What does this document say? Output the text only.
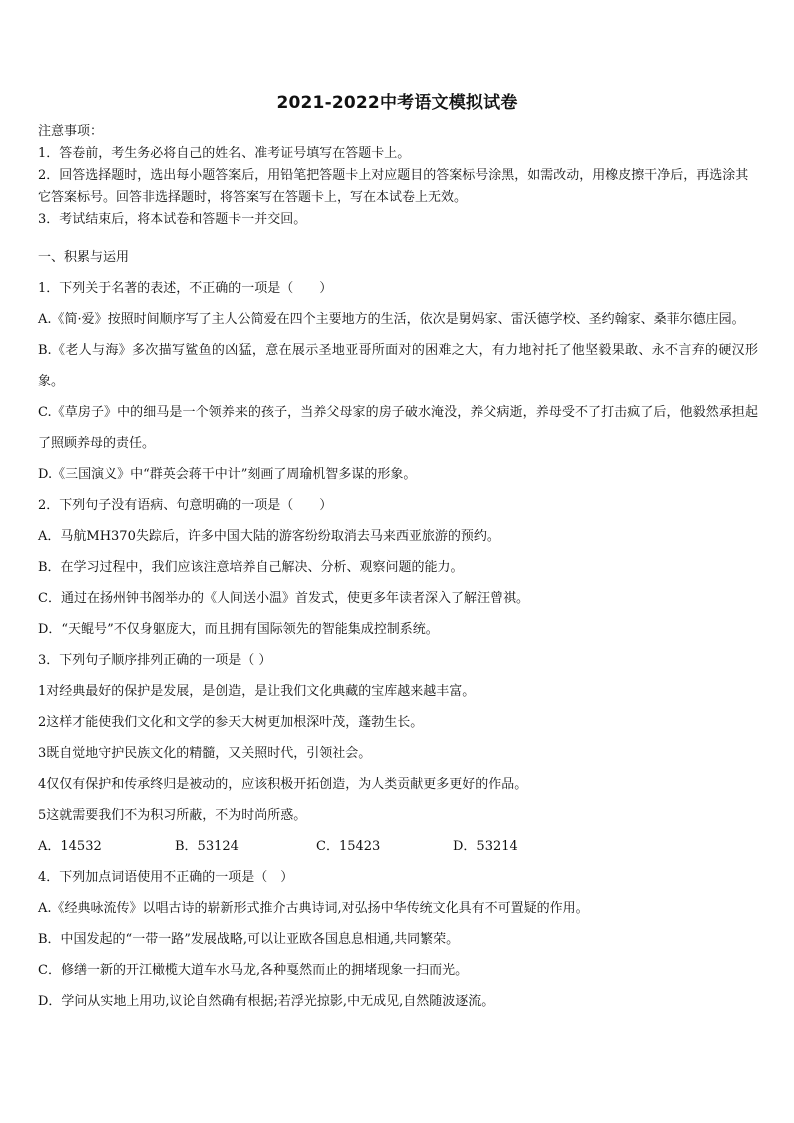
2021-2022中考语文模拟试卷
注意事项：
1．答卷前，考生务必将自己的姓名、准考证号填写在答题卡上。
2．回答选择题时，选出每小题答案后，用铅笔把答题卡上对应题目的答案标号涂黑，如需改动，用橡皮擦干净后，再选涂其它答案标号。回答非选择题时，将答案写在答题卡上，写在本试卷上无效。
3．考试结束后，将本试卷和答题卡一并交回。
一、积累与运用
1．下列关于名著的表述，不正确的一项是（　　）
A.《简·爱》按照时间顺序写了主人公简爱在四个主要地方的生活，依次是舅妈家、雷沃德学校、圣约翰家、桑菲尔德庄园。
B.《老人与海》多次描写鲨鱼的凶猛，意在展示圣地亚哥所面对的困难之大，有力地衬托了他坚毅果敢、永不言弃的硬汉形象。
C.《草房子》中的细马是一个领养来的孩子，当养父母家的房子破水淹没，养父病逝，养母受不了打击疯了后，他毅然承担起了照顾养母的责任。
D.《三国演义》中“群英会蒋干中计”刻画了周瑜机智多谋的形象。
2．下列句子没有语病、句意明确的一项是（　　）
A．马航MH370失踪后，许多中国大陆的游客纷纷取消去马来西亚旅游的预约。
B．在学习过程中，我们应该注意培养自己解决、分析、观察问题的能力。
C．通过在扬州钟书阁举办的《人间送小温》首发式，使更多年读者深入了解汪曾祺。
D．“天鲲号”不仅身躯庞大，而且拥有国际领先的智能集成控制系统。
3．下列句子顺序排列正确的一项是（ ）
1对经典最好的保护是发展，是创造，是让我们文化典藏的宝库越来越丰富。
2这样才能使我们文化和文学的参天大树更加根深叶茂，蓬勃生长。
3既自觉地守护民族文化的精髓，又关照时代，引领社会。
4仅仅有保护和传承终归是被动的，应该积极开拓创造，为人类贡献更多更好的作品。
5这就需要我们不为积习所蔽，不为时尚所惑。
A．14532	B．53124	C．15423	D．53214
4．下列加点词语使用不正确的一项是（　）
A.《经典咏流传》以唱古诗的崭新形式推介古典诗词,对弘扬中华传统文化具有不可置疑的作用。
B．中国发起的“一带一路”发展战略,可以让亚欧各国息息相通,共同繁荣。
C．修缮一新的开江橄榄大道车水马龙,各种戛然而止的拥堵现象一扫而光。
D．学问从实地上用功,议论自然确有根据;若浮光掠影,中无成见,自然随波逐流。
